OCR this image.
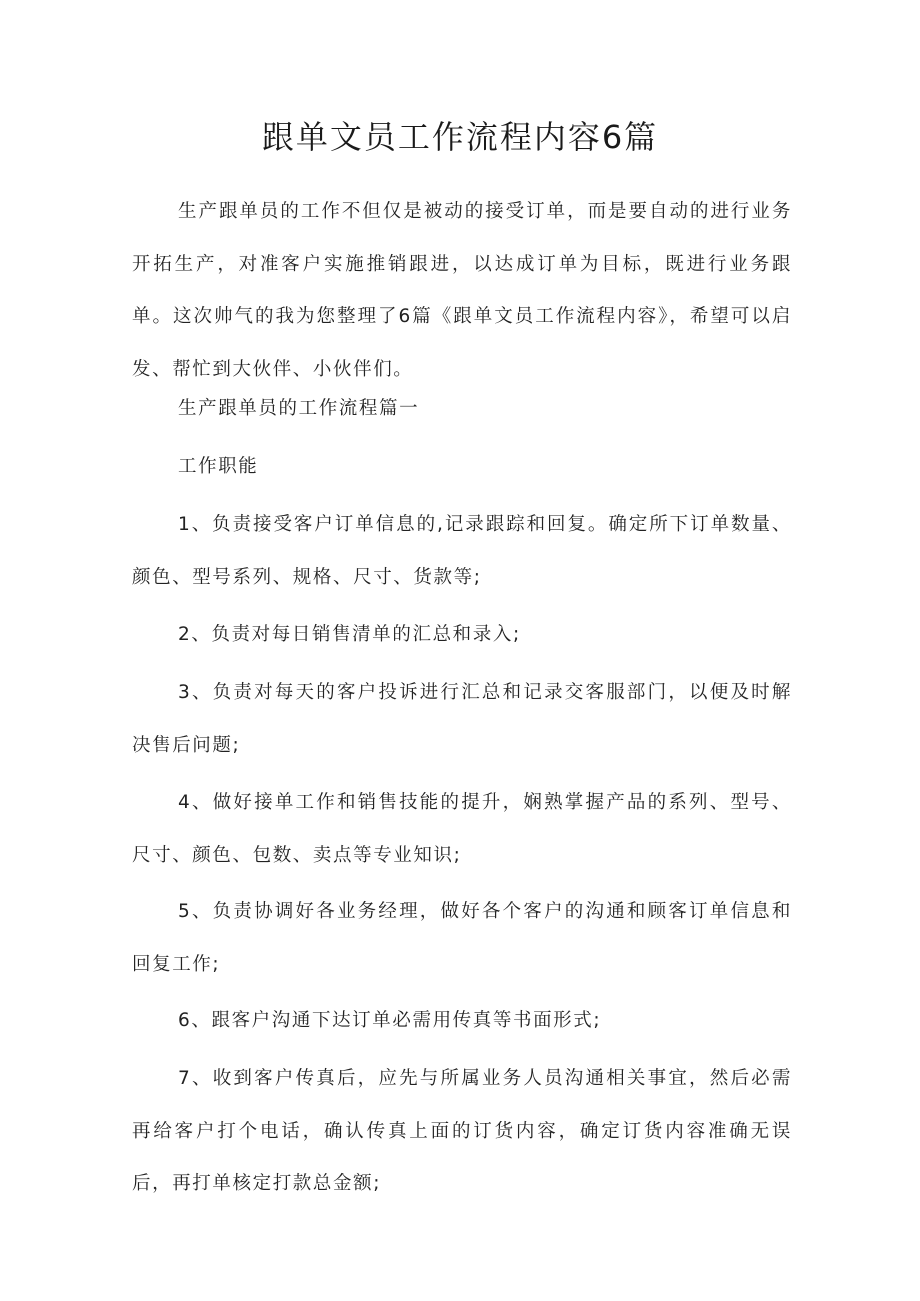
跟单文员工作流程内容6篇

生产跟单员的工作不但仅是被动的接受订单，而是要自动的进行业务开拓生产，对准客户实施推销跟进，以达成订单为目标，既进行业务跟单。这次帅气的我为您整理了6篇《跟单文员工作流程内容》，希望可以启发、帮忙到大伙伴、小伙伴们。

生产跟单员的工作流程篇一

工作职能

1、负责接受客户订单信息的,记录跟踪和回复。确定所下订单数量、颜色、型号系列、规格、尺寸、货款等;

2、负责对每日销售清单的汇总和录入;

3、负责对每天的客户投诉进行汇总和记录交客服部门，以便及时解决售后问题;

4、做好接单工作和销售技能的提升，娴熟掌握产品的系列、型号、尺寸、颜色、包数、卖点等专业知识;

5、负责协调好各业务经理，做好各个客户的沟通和顾客订单信息和回复工作;

6、跟客户沟通下达订单必需用传真等书面形式;

7、收到客户传真后，应先与所属业务人员沟通相关事宜，然后必需再给客户打个电话，确认传真上面的订货内容，确定订货内容准确无误后，再打单核定打款总金额;
